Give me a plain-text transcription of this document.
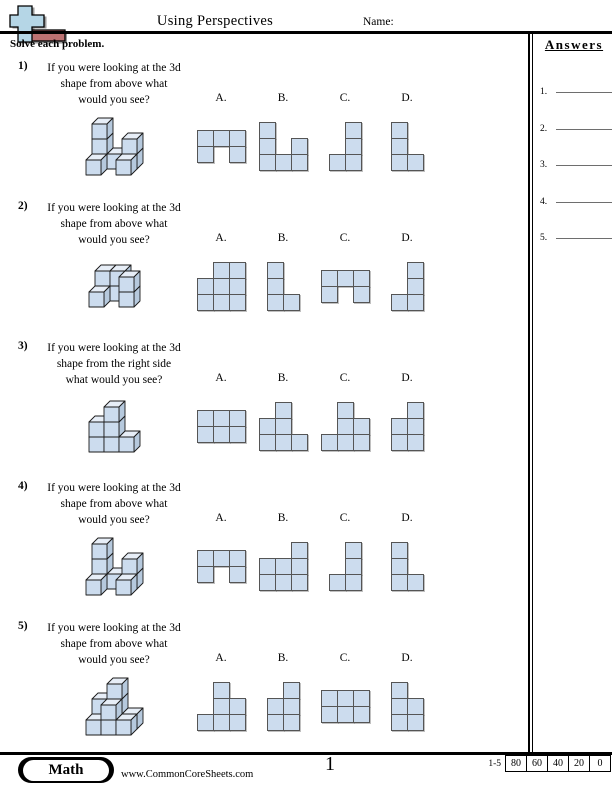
Using Perspectives	Name:
Solve each problem.	Answers
1.
2.
3.
4.
5.
1)	If you were looking at the 3d
shape from above what
would you see?	A.	B.	C.	D.
2)	If you were looking at the 3d
shape from above what
would you see?	A.	B.	C.	D.
3)	If you were looking at the 3d
shape from the right side
what would you see?	A.	B.	C.	D.
4)	If you were looking at the 3d
shape from above what
would you see?	A.	B.	C.	D.
5)	If you were looking at the 3d
shape from above what
would you see?	A.	B.	C.	D.
Math	www.CommonCoreSheets.com	1	1-5	80	60	40	20	0
